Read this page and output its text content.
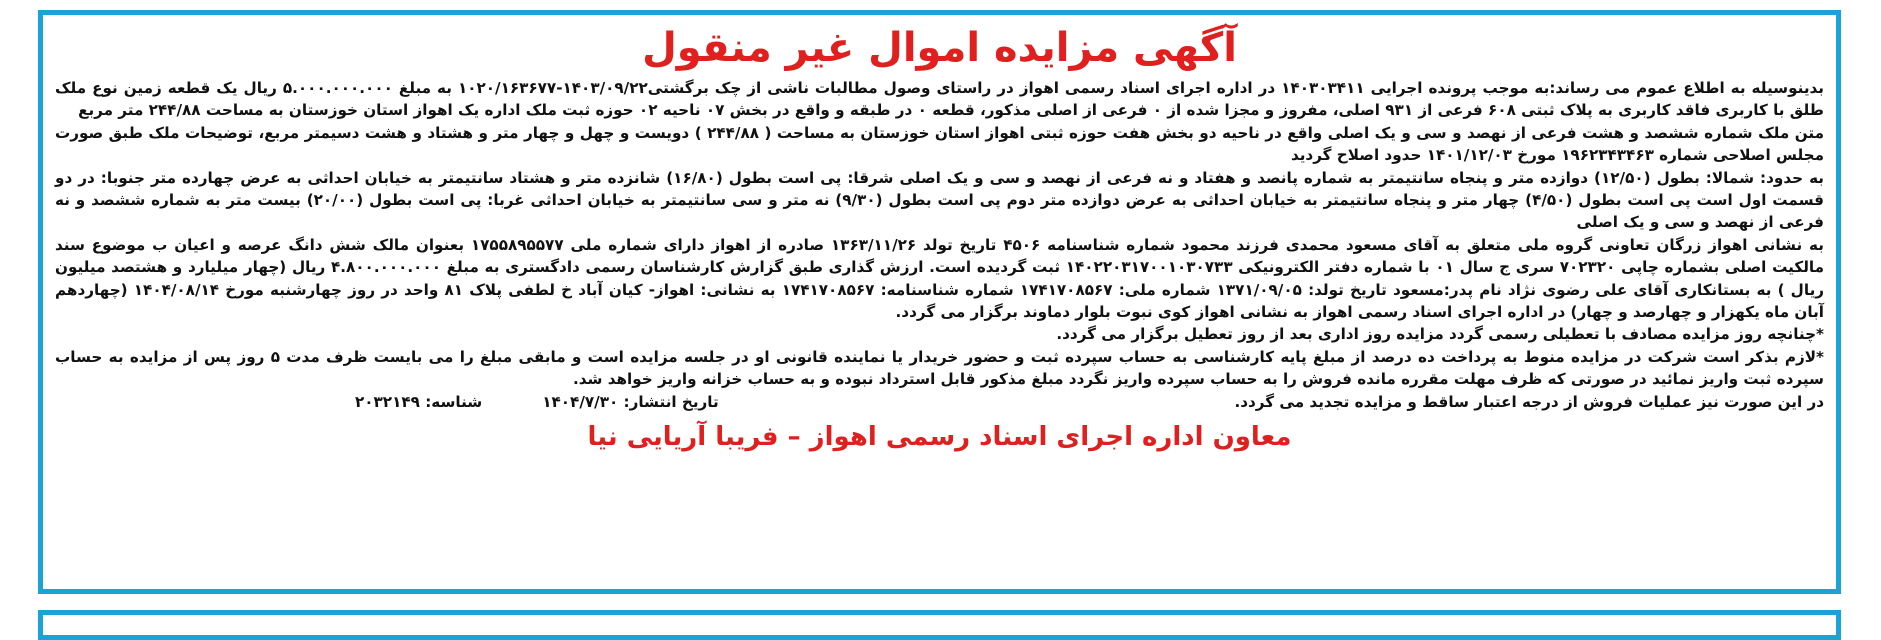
آگهی مزایده اموال غیر منقول

بدینوسیله به اطلاع عموم می رساند:به موجب پرونده اجرایی ۱۴۰۳۰۳۴۱۱ در اداره اجرای اسناد رسمی اهواز در راستای وصول مطالبات ناشی از چک برگشتی۱۴۰۳/۰۹/۲۲-۱۰۲۰/۱۶۳۶۷۷ به مبلغ ۵.۰۰۰.۰۰۰.۰۰۰ ریال یک قطعه زمین نوع ملک طلق با کاربری فاقد کاربری به پلاک ثبتی ۶۰۸ فرعی از ۹۳۱ اصلی، مفروز و مجزا شده از ۰ فرعی از اصلی مذکور، قطعه ۰ در طبقه و واقع در بخش ۰۷ ناحیه ۰۲ حوزه ثبت ملک اداره یک اهواز استان خوزستان به مساحت ۲۴۴/۸۸ متر مربع

متن ملک شماره ششصد و هشت فرعی از نهصد و سی و یک اصلی واقع در ناحیه دو بخش هفت حوزه ثبتی اهواز استان خوزستان به مساحت ( ۲۴۴/۸۸ ) دویست و چهل و چهار متر و هشتاد و هشت دسیمتر مربع، توضیحات ملک طبق صورت مجلس اصلاحی شماره ۱۹۶۲۳۴۳۴۶۳ مورخ ۱۴۰۱/۱۲/۰۳ حدود اصلاح گردید

به حدود: شمالا: بطول (۱۲/۵۰) دوازده متر و پنجاه سانتیمتر به شماره پانصد و هفتاد و نه فرعی از نهصد و سی و یک اصلی شرقا: پی است بطول (۱۶/۸۰) شانزده متر و هشتاد سانتیمتر به خیابان احداثی به عرض چهارده متر جنوبا: در دو قسمت اول است پی است بطول (۴/۵۰) چهار متر و پنجاه سانتیمتر به خیابان احداثی به عرض دوازده متر دوم پی است بطول (۹/۳۰) نه متر و سی سانتیمتر به خیابان احداثی غربا: پی است بطول (۲۰/۰۰) بیست متر به شماره ششصد و نه فرعی از نهصد و سی و یک اصلی

به نشانی اهواز زرگان تعاونی گروه ملی متعلق به آقای مسعود محمدی فرزند محمود شماره شناسنامه ۴۵۰۶ تاریخ تولد ۱۳۶۳/۱۱/۲۶ صادره از اهواز دارای شماره ملی ۱۷۵۵۸۹۵۵۷۷ بعنوان مالک شش دانگ عرصه و اعیان ب موضوع سند مالکیت اصلی بشماره چاپی ۷۰۲۳۲۰ سری ج سال ۰۱ با شماره دفتر الکترونیکی ۱۴۰۲۲۰۳۱۷۰۰۱۰۳۰۷۳۳ ثبت گردیده است. ارزش گذاری طبق گزارش کارشناسان رسمی دادگستری به مبلغ ۴.۸۰۰.۰۰۰.۰۰۰ ریال (چهار میلیارد و هشتصد میلیون ریال ) به بستانکاری آقای علی رضوی نژاد نام پدر:مسعود تاریخ تولد: ۱۳۷۱/۰۹/۰۵ شماره ملی: ۱۷۴۱۷۰۸۵۶۷ شماره شناسنامه: ۱۷۴۱۷۰۸۵۶۷ به نشانی: اهواز- کیان آباد خ لطفی پلاک ۸۱ واحد در روز چهارشنبه مورخ ۱۴۰۴/۰۸/۱۴ (چهاردهم آبان ماه یکهزار و چهارصد و چهار) در اداره اجرای اسناد رسمی اهواز به نشانی اهواز کوی نبوت بلوار دماوند برگزار می گردد.

*چنانچه روز مزایده مصادف با تعطیلی رسمی گردد مزایده روز اداری بعد از روز تعطیل برگزار می گردد.

*لازم بذکر است شرکت در مزایده منوط به پرداخت ده درصد از مبلغ پایه کارشناسی به حساب سپرده ثبت و حضور خریدار یا نماینده قانونی او در جلسه مزایده است و مابقی مبلغ را می بایست ظرف مدت ۵ روز پس از مزایده به حساب سپرده ثبت واریز نمائید در صورتی که ظرف مهلت مقرره مانده فروش را به حساب سپرده واریز نگردد مبلغ مذکور قابل استرداد نبوده و به حساب خزانه واریز خواهد شد.

در این صورت نیز عملیات فروش از درجه اعتبار ساقط و مزایده تجدید می گردد.
تاریخ انتشار: ۱۴۰۴/۷/۳۰
شناسه: ۲۰۳۲۱۴۹
معاون اداره اجرای اسناد رسمی اهواز – فریبا آریایی نیا
